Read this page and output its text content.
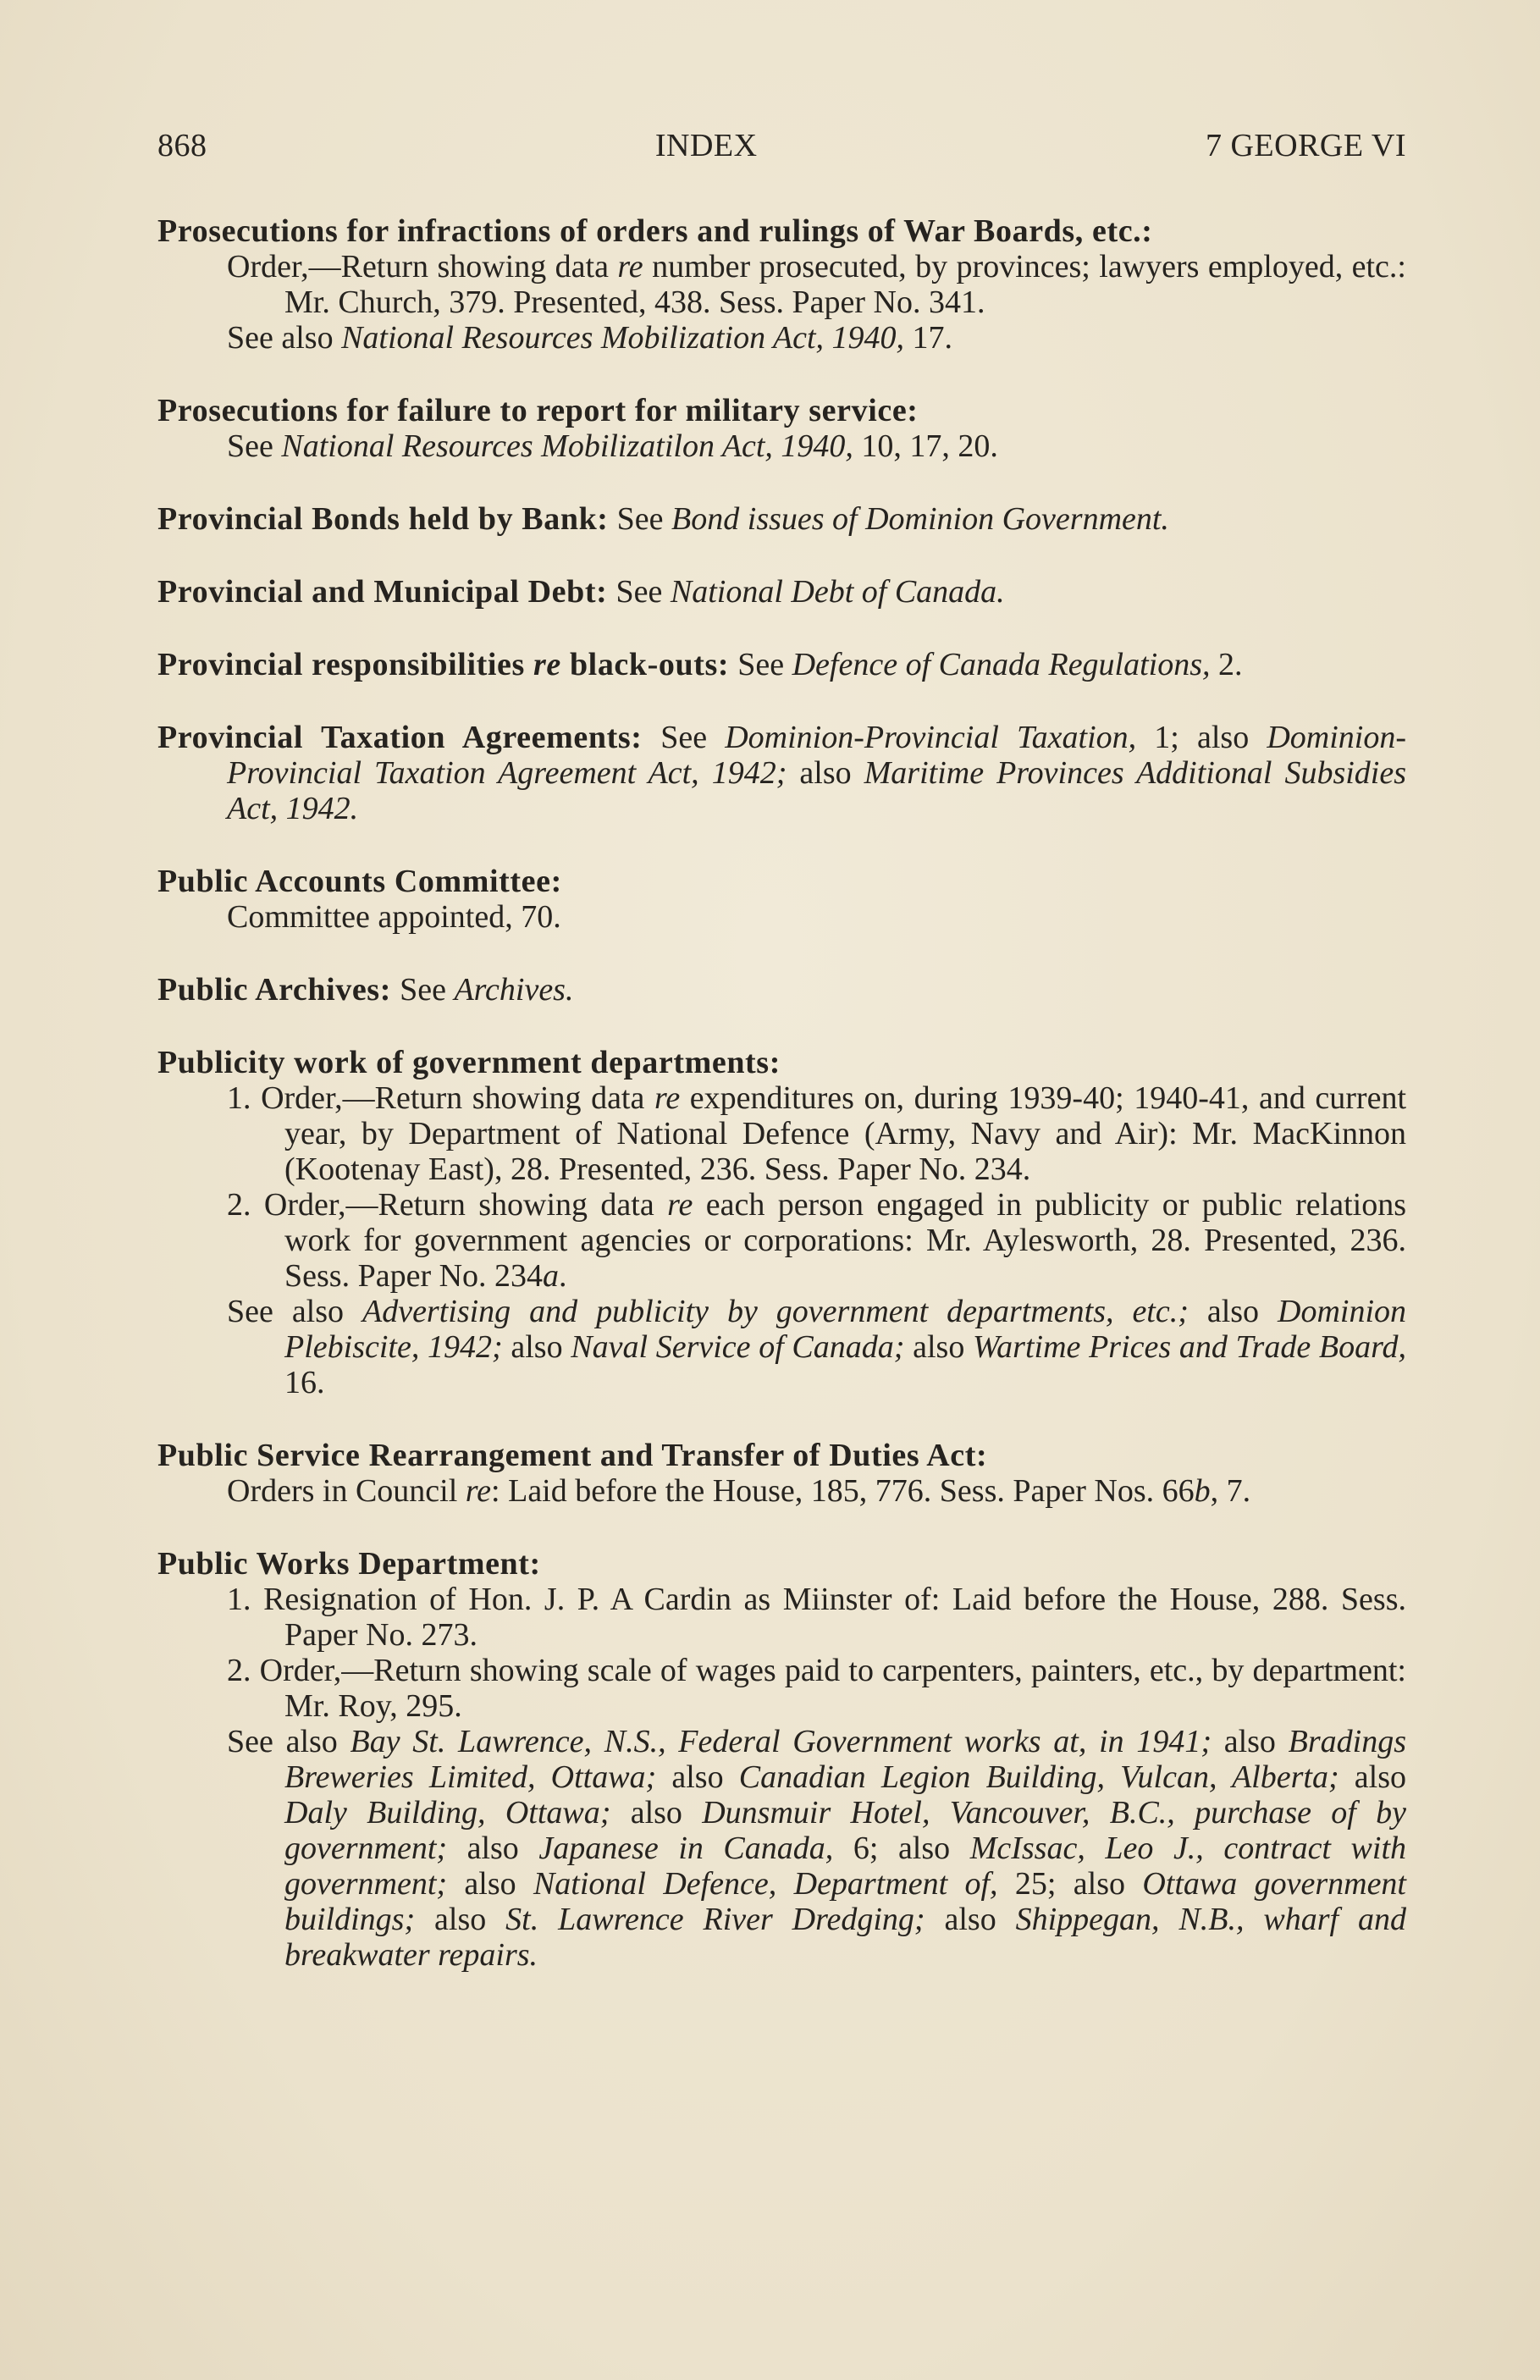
868	INDEX	7 GEORGE VI
Prosecutions for infractions of orders and rulings of War Boards, etc.:
Order,—Return showing data re number prosecuted, by provinces; lawyers employed, etc.: Mr. Church, 379. Presented, 438. Sess. Paper No. 341.
See also National Resources Mobilization Act, 1940, 17.
Prosecutions for failure to report for military service:
See National Resources Mobilizatilon Act, 1940, 10, 17, 20.
Provincial Bonds held by Bank: See Bond issues of Dominion Government.
Provincial and Municipal Debt: See National Debt of Canada.
Provincial responsibilities re black-outs: See Defence of Canada Regulations, 2.
Provincial Taxation Agreements: See Dominion-Provincial Taxation, 1; also Dominion-Provincial Taxation Agreement Act, 1942; also Maritime Provinces Additional Subsidies Act, 1942.
Public Accounts Committee:
Committee appointed, 70.
Public Archives: See Archives.
Publicity work of government departments:
1. Order,—Return showing data re expenditures on, during 1939-40; 1940-41, and current year, by Department of National Defence (Army, Navy and Air): Mr. MacKinnon (Kootenay East), 28. Presented, 236. Sess. Paper No. 234.
2. Order,—Return showing data re each person engaged in publicity or public relations work for government agencies or corporations: Mr. Aylesworth, 28. Presented, 236. Sess. Paper No. 234a.
See also Advertising and publicity by government departments, etc.; also Dominion Plebiscite, 1942; also Naval Service of Canada; also Wartime Prices and Trade Board, 16.
Public Service Rearrangement and Transfer of Duties Act:
Orders in Council re: Laid before the House, 185, 776. Sess. Paper Nos. 66b, 7.
Public Works Department:
1. Resignation of Hon. J. P. A Cardin as Miinster of: Laid before the House, 288. Sess. Paper No. 273.
2. Order,—Return showing scale of wages paid to carpenters, painters, etc., by department: Mr. Roy, 295.
See also Bay St. Lawrence, N.S., Federal Government works at, in 1941; also Bradings Breweries Limited, Ottawa; also Canadian Legion Building, Vulcan, Alberta; also Daly Building, Ottawa; also Dunsmuir Hotel, Vancouver, B.C., purchase of by government; also Japanese in Canada, 6; also McIssac, Leo J., contract with government; also National Defence, Department of, 25; also Ottawa government buildings; also St. Lawrence River Dredging; also Shippegan, N.B., wharf and breakwater repairs.
